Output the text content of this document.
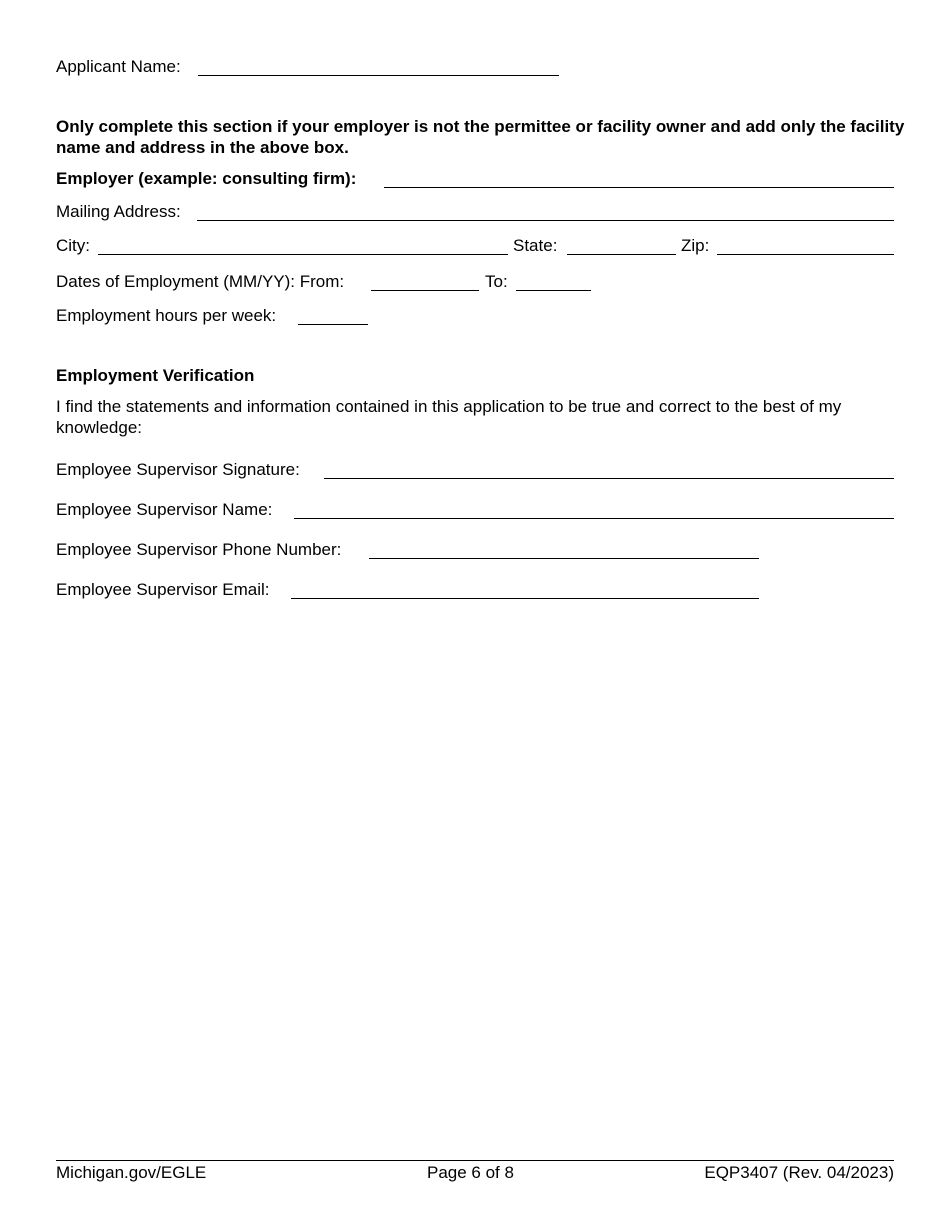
Applicant Name:
Only complete this section if your employer is not the permittee or facility owner and add only the facility name and address in the above box.
Employer (example: consulting firm):
Mailing Address:
City:	State:	Zip:
Dates of Employment (MM/YY): From:	To:
Employment hours per week:
Employment Verification
I find the statements and information contained in this application to be true and correct to the best of my knowledge:
Employee Supervisor Signature:
Employee Supervisor Name:
Employee Supervisor Phone Number:
Employee Supervisor Email:
Michigan.gov/EGLE	Page 6 of 8	EQP3407 (Rev. 04/2023)
